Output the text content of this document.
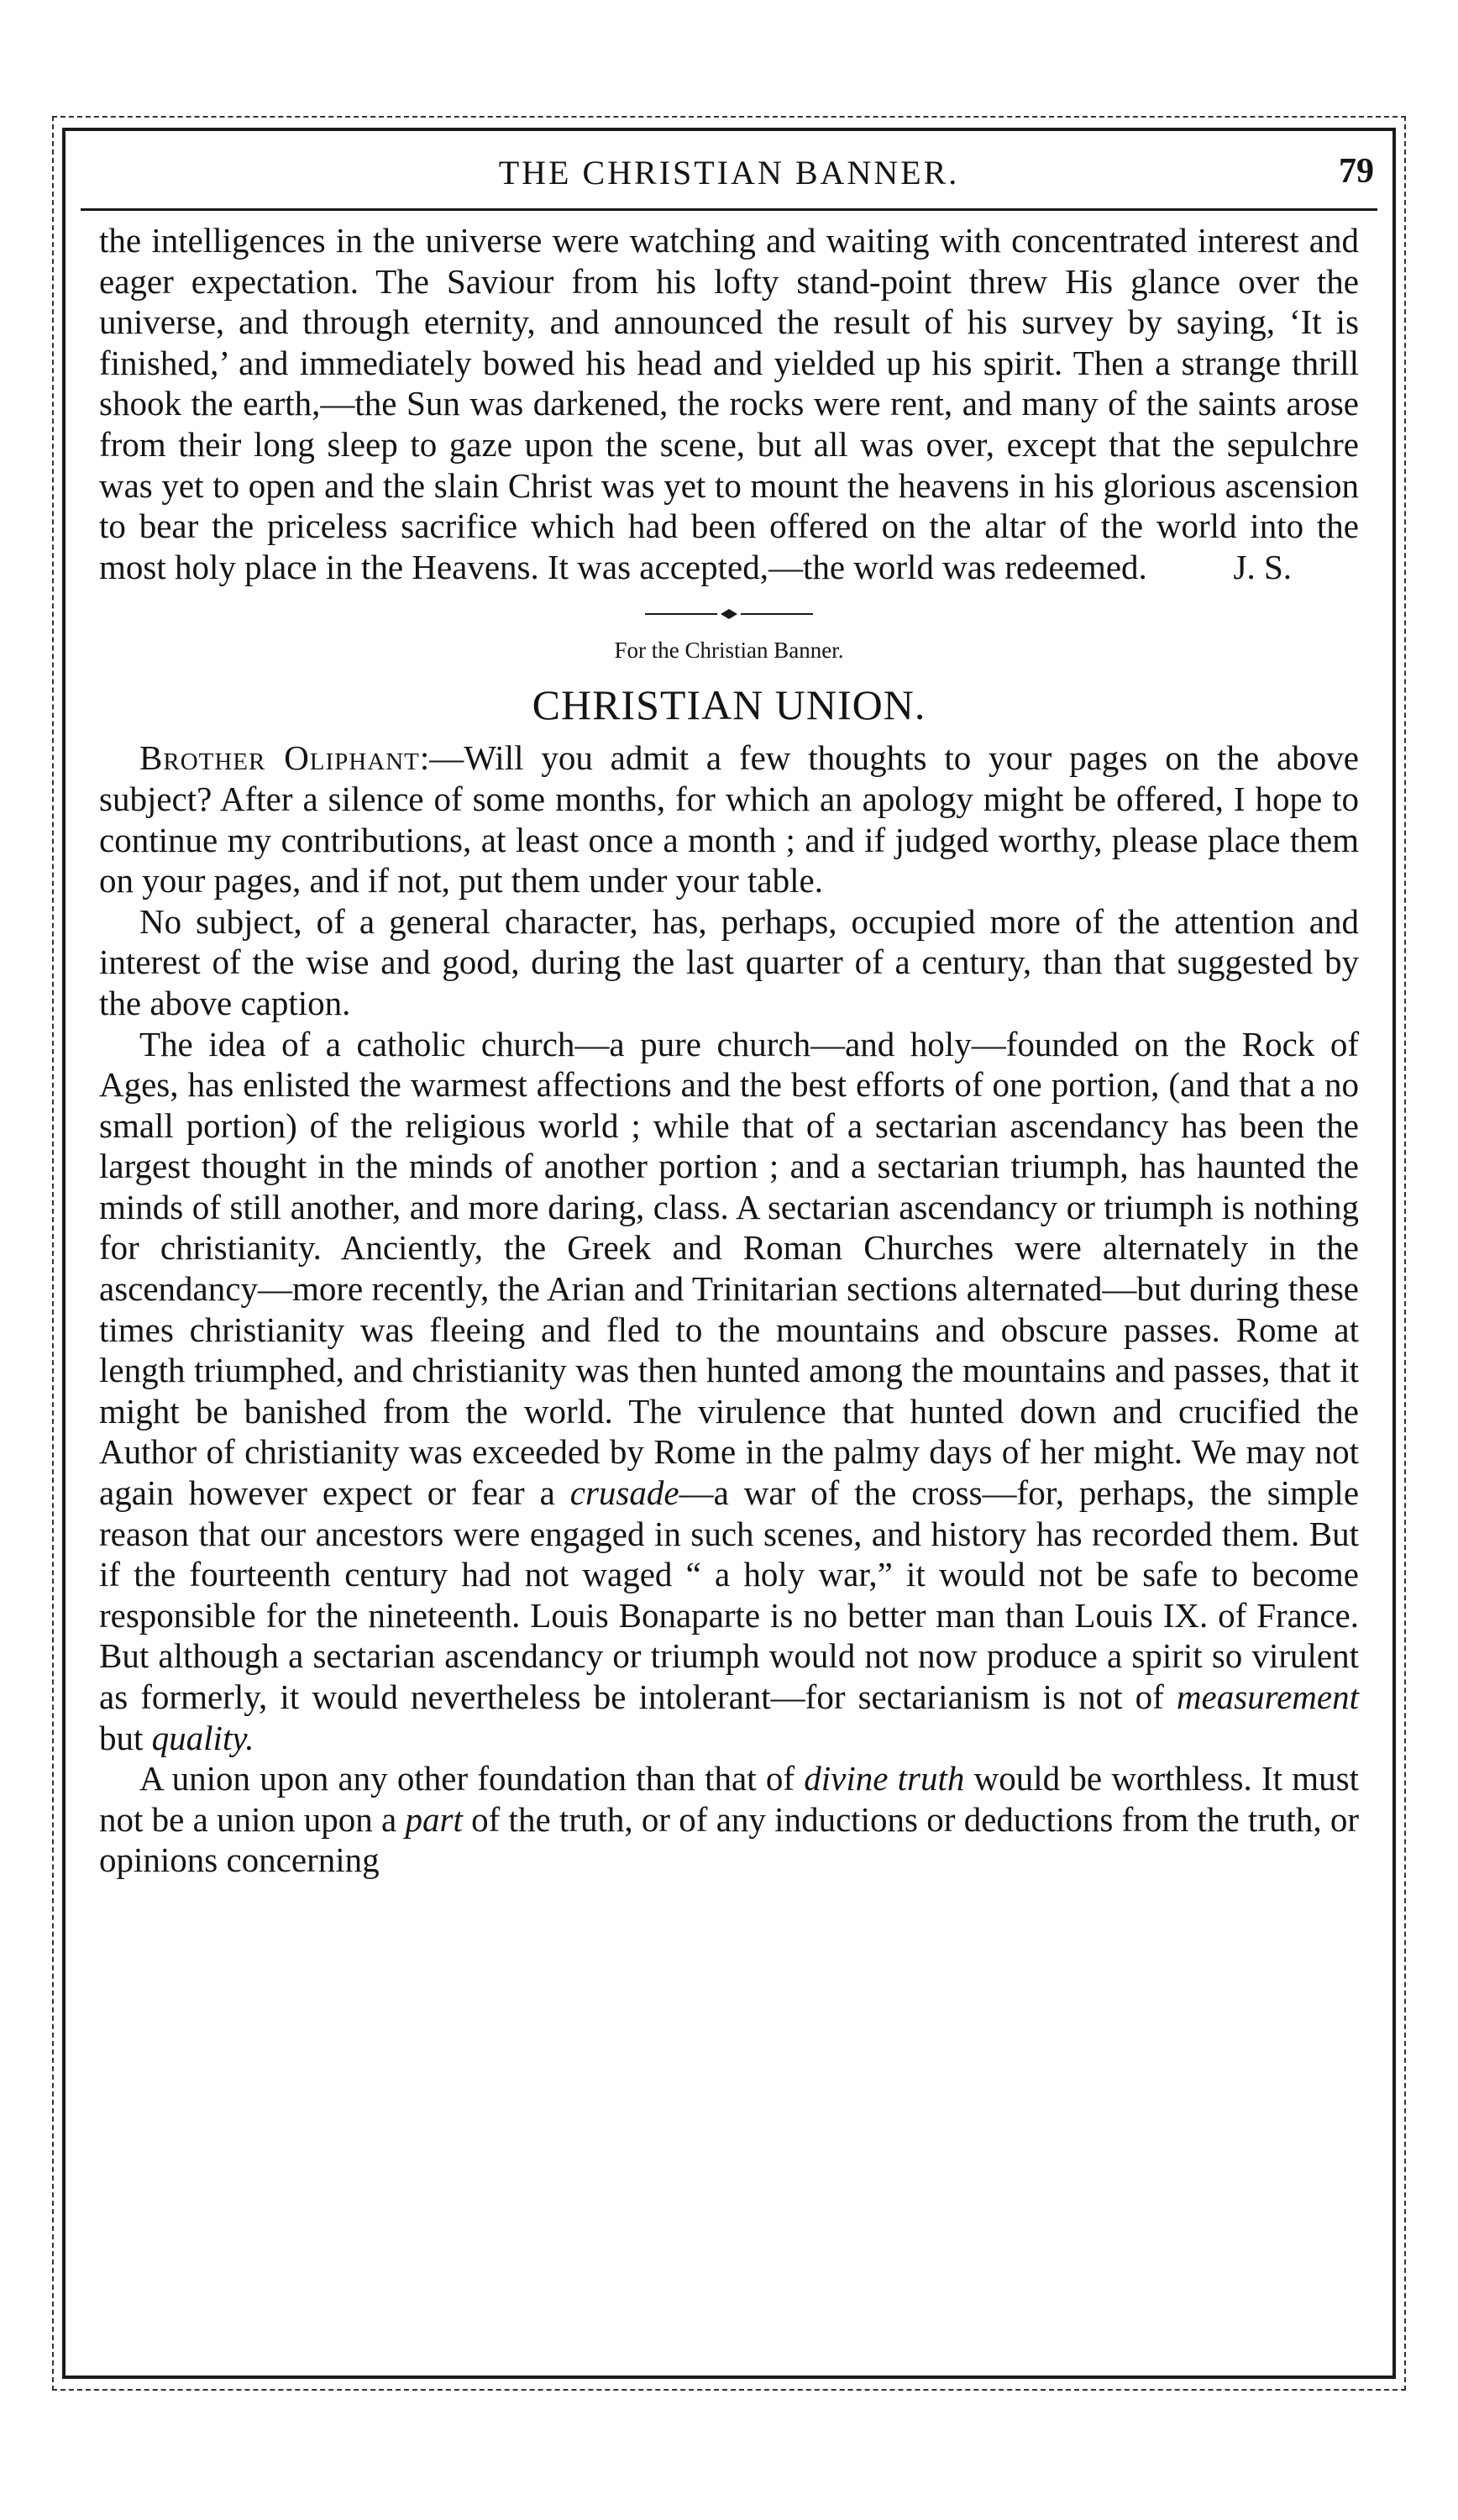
THE CHRISTIAN BANNER.	79

the intelligences in the universe were watching and waiting with concentrated interest and eager expectation. The Saviour from his lofty stand-point threw His glance over the universe, and through eternity, and announced the result of his survey by saying, ‘It is finished,’ and immediately bowed his head and yielded up his spirit. Then a strange thrill shook the earth,—the Sun was darkened, the rocks were rent, and many of the saints arose from their long sleep to gaze upon the scene, but all was over, except that the sepulchre was yet to open and the slain Christ was yet to mount the heavens in his glorious ascension to bear the priceless sacrifice which had been offered on the altar of the world into the most holy place in the Heavens. It was accepted,—the world was redeemed.	J. S.

For the Christian Banner.
CHRISTIAN UNION.

Brother Oliphant:—Will you admit a few thoughts to your pages on the above subject? After a silence of some months, for which an apology might be offered, I hope to continue my contributions, at least once a month ; and if judged worthy, please place them on your pages, and if not, put them under your table.

No subject, of a general character, has, perhaps, occupied more of the attention and interest of the wise and good, during the last quarter of a century, than that suggested by the above caption.

The idea of a catholic church—a pure church—and holy—founded on the Rock of Ages, has enlisted the warmest affections and the best efforts of one portion, (and that a no small portion) of the religious world ; while that of a sectarian ascendancy has been the largest thought in the minds of another portion ; and a sectarian triumph, has haunted the minds of still another, and more daring, class. A sectarian ascendancy or triumph is nothing for christianity. Anciently, the Greek and Roman Churches were alternately in the ascendancy—more recently, the Arian and Trinitarian sections alternated—but during these times christianity was fleeing and fled to the mountains and obscure passes. Rome at length triumphed, and christianity was then hunted among the mountains and passes, that it might be banished from the world. The virulence that hunted down and crucified the Author of christianity was exceeded by Rome in the palmy days of her might. We may not again however expect or fear a crusade—a war of the cross—for, perhaps, the simple reason that our ancestors were engaged in such scenes, and history has recorded them. But if the fourteenth century had not waged “ a holy war,” it would not be safe to become responsible for the nineteenth. Louis Bonaparte is no better man than Louis IX. of France. But although a sectarian ascendancy or triumph would not now produce a spirit so virulent as formerly, it would nevertheless be intolerant—for sectarianism is not of measurement but quality.

A union upon any other foundation than that of divine truth would be worthless. It must not be a union upon a part of the truth, or of any inductions or deductions from the truth, or opinions concerning
